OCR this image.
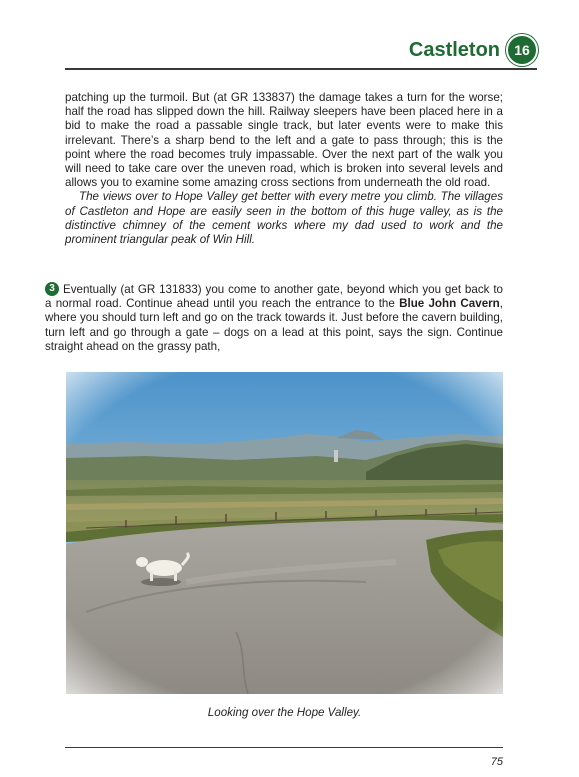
Castleton	16

patching up the turmoil. But (at GR 133837) the damage takes a turn for the worse; half the road has slipped down the hill. Railway sleepers have been placed here in a bid to make the road a passable single track, but later events were to make this irrelevant. There’s a sharp bend to the left and a gate to pass through; this is the point where the road becomes truly impassable. Over the next part of the walk you will need to take care over the uneven road, which is broken into several levels and allows you to examine some amazing cross sections from underneath the old road.

The views over to Hope Valley get better with every metre you climb. The villages of Castleton and Hope are easily seen in the bottom of this huge valley, as is the distinctive chimney of the cement works where my dad used to work and the prominent triangular peak of Win Hill.

3 Eventually (at GR 131833) you come to another gate, beyond which you get back to a normal road. Continue ahead until you reach the entrance to the Blue John Cavern, where you should turn left and go on the track towards it. Just before the cavern building, turn left and go through a gate – dogs on a lead at this point, says the sign. Continue straight ahead on the grassy path,
Looking over the Hope Valley.
75
